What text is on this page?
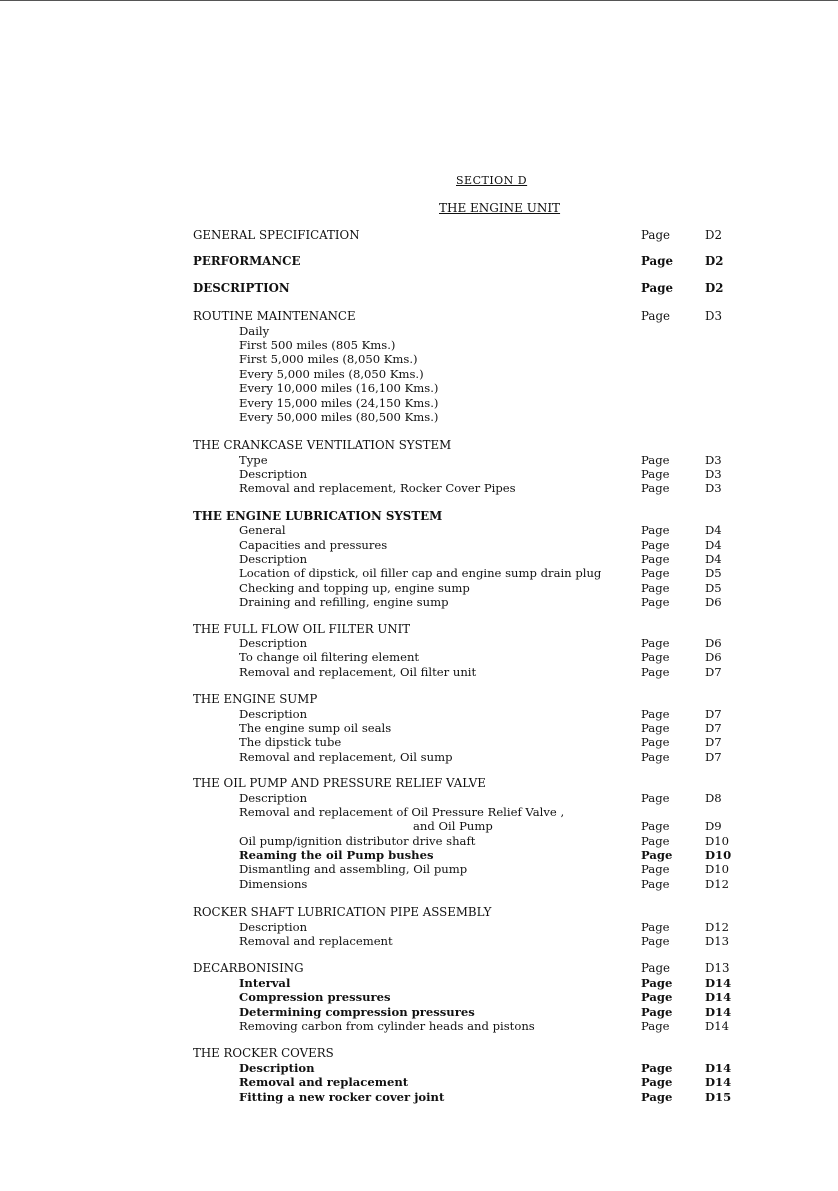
SECTION D
THE ENGINE UNIT
GENERAL SPECIFICATION	Page	D2
PERFORMANCE	Page	D2
DESCRIPTION	Page	D2
ROUTINE MAINTENANCE	Page	D3
Daily
First 500 miles (805 Kms.)
First 5,000 miles (8,050 Kms.)
Every 5,000 miles (8,050 Kms.)
Every 10,000 miles (16,100 Kms.)
Every 15,000 miles (24,150 Kms.)
Every 50,000 miles (80,500 Kms.)
THE CRANKCASE VENTILATION SYSTEM
Type	Page	D3
Description	Page	D3
Removal and replacement, Rocker Cover Pipes	Page	D3
THE ENGINE LUBRICATION SYSTEM
General	Page	D4
Capacities and pressures	Page	D4
Description	Page	D4
Location of dipstick, oil filler cap and engine sump drain plug	Page	D5
Checking and topping up, engine sump	Page	D5
Draining and refilling, engine sump	Page	D6
THE FULL FLOW OIL FILTER UNIT
Description	Page	D6
To change oil filtering element	Page	D6
Removal and replacement, Oil filter unit	Page	D7
THE ENGINE SUMP
Description	Page	D7
The engine sump oil seals	Page	D7
The dipstick tube	Page	D7
Removal and replacement, Oil sump	Page	D7
THE OIL PUMP AND PRESSURE RELIEF VALVE
Description	Page	D8
Removal and replacement of Oil Pressure Relief Valve ,
and Oil Pump	Page	D9
Oil pump/ignition distributor drive shaft	Page	D10
Reaming the oil Pump bushes	Page	D10
Dismantling and assembling, Oil pump	Page	D10
Dimensions	Page	D12
ROCKER SHAFT LUBRICATION PIPE ASSEMBLY
Description	Page	D12
Removal and replacement	Page	D13
DECARBONISING	Page	D13
Interval	Page	D14
Compression pressures	Page	D14
Determining compression pressures	Page	D14
Removing carbon from cylinder heads and pistons	Page	D14
THE ROCKER COVERS
Description	Page	D14
Removal and replacement	Page	D14
Fitting a new rocker cover joint	Page	D15
